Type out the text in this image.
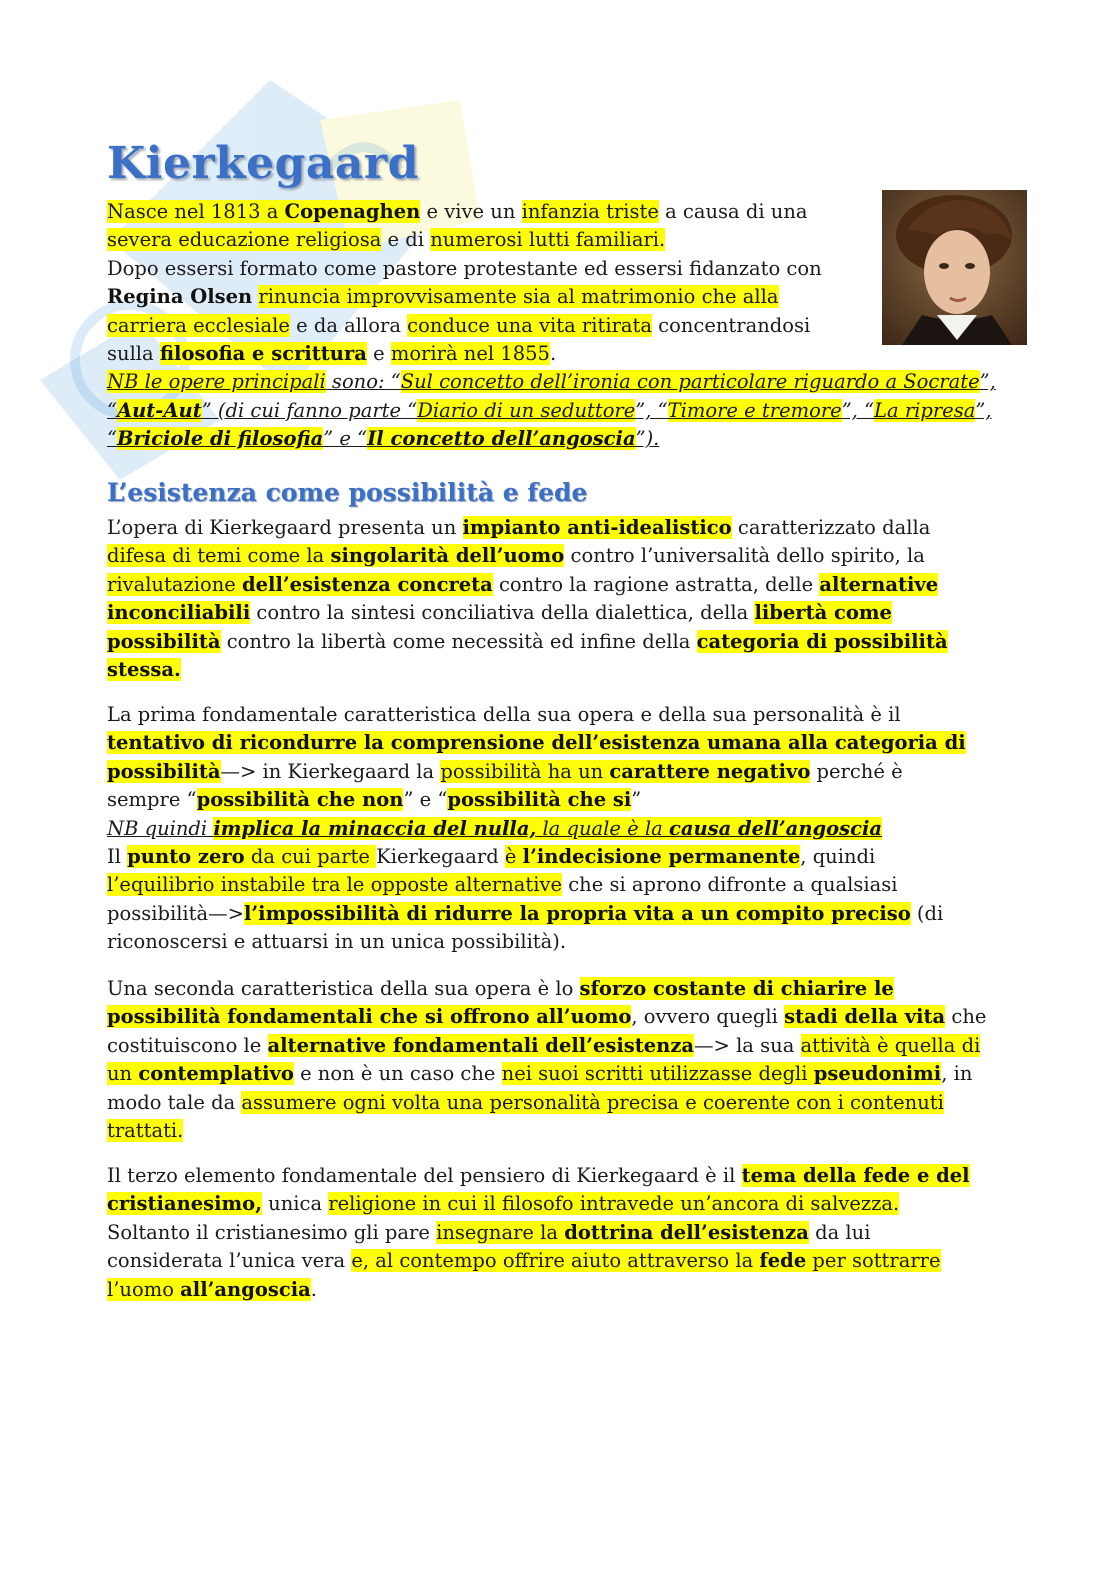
Kierkegaard
Nasce nel 1813 a Copenaghen e vive un infanzia triste a causa di una
severa educazione religiosa e di numerosi lutti familiari.
Dopo essersi formato come pastore protestante ed essersi fidanzato con
Regina Olsen rinuncia improvvisamente sia al matrimonio che alla
carriera ecclesiale e da allora conduce una vita ritirata concentrandosi
sulla filosofia e scrittura e morirà nel 1855.
NB le opere principali sono: “Sul concetto dell’ironia con particolare riguardo a Socrate”,
“Aut-Aut” (di cui fanno parte “Diario di un seduttore”, “Timore e tremore”, “La ripresa”,
“Briciole di filosofia” e “Il concetto dell’angoscia”).
L’esistenza come possibilità e fede
L’opera di Kierkegaard presenta un impianto anti-idealistico caratterizzato dalla
difesa di temi come la singolarità dell’uomo contro l’universalità dello spirito, la
rivalutazione dell’esistenza concreta contro la ragione astratta, delle alternative
inconciliabili contro la sintesi conciliativa della dialettica, della libertà come
possibilità contro la libertà come necessità ed infine della categoria di possibilità
stessa.
La prima fondamentale caratteristica della sua opera e della sua personalità è il
tentativo di ricondurre la comprensione dell’esistenza umana alla categoria di
possibilità—> in Kierkegaard la possibilità ha un carattere negativo perché è
sempre “possibilità che non” e “possibilità che si”
NB quindi implica la minaccia del nulla, la quale è la causa dell’angoscia
Il punto zero da cui parte Kierkegaard è l’indecisione permanente, quindi
l’equilibrio instabile tra le opposte alternative che si aprono difronte a qualsiasi
possibilità—>l’impossibilità di ridurre la propria vita a un compito preciso (di
riconoscersi e attuarsi in un unica possibilità).
Una seconda caratteristica della sua opera è lo sforzo costante di chiarire le
possibilità fondamentali che si offrono all’uomo, ovvero quegli stadi della vita che
costituiscono le alternative fondamentali dell’esistenza—> la sua attività è quella di
un contemplativo e non è un caso che nei suoi scritti utilizzasse degli pseudonimi, in
modo tale da assumere ogni volta una personalità precisa e coerente con i contenuti
trattati.
Il terzo elemento fondamentale del pensiero di Kierkegaard è il tema della fede e del
cristianesimo, unica religione in cui il filosofo intravede un’ancora di salvezza.
Soltanto il cristianesimo gli pare insegnare la dottrina dell’esistenza da lui
considerata l’unica vera e, al contempo offrire aiuto attraverso la fede per sottrarre
l’uomo all’angoscia.
